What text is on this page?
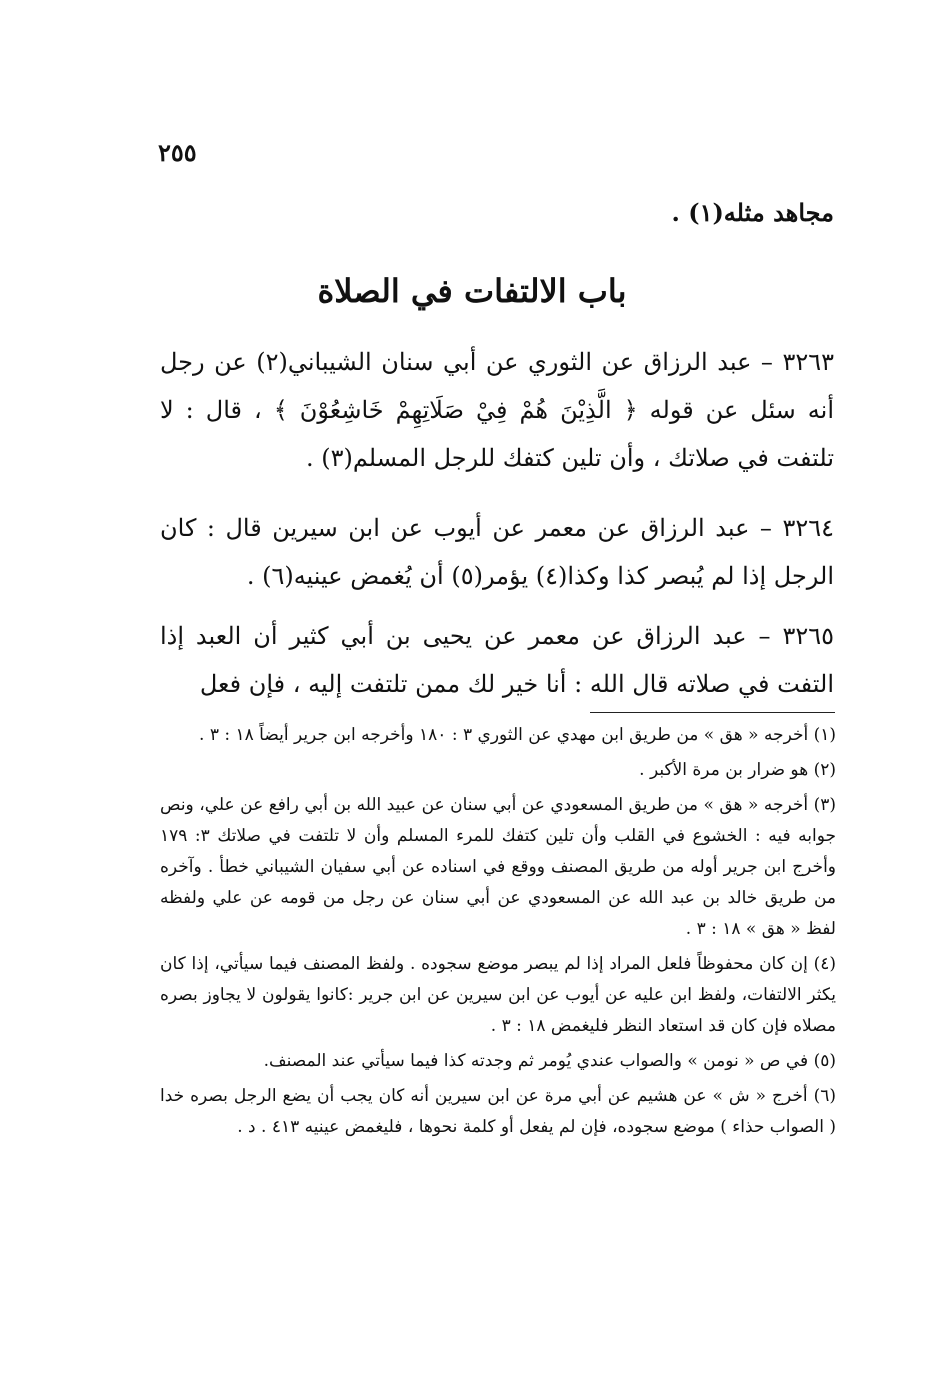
٢٥٥
مجاهد مثله(١) .
باب الالتفات في الصلاة
٣٢٦٣ – عبد الرزاق عن الثوري عن أبي سنان الشيباني(٢) عن رجل أنه سئل عن قوله ﴿ الَّذِيْنَ هُمْ فِيْ صَلَاتِهِمْ خَاشِعُوْنَ ﴾ ، قال : لا تلتفت في صلاتك ، وأن تلين كتفك للرجل المسلم(٣) .
٣٢٦٤ – عبد الرزاق عن معمر عن أيوب عن ابن سيرين قال : كان الرجل إذا لم يُبصر كذا وكذا(٤) يؤمر(٥) أن يُغمض عينيه(٦) .
٣٢٦٥ – عبد الرزاق عن معمر عن يحيى بن أبي كثير أن العبد إذا التفت في صلاته قال الله : أنا خير لك ممن تلتفت إليه ، فإن فعل

(١) أخرجه « هق » من طريق ابن مهدي عن الثوري ٣ : ١٨٠ وأخرجه ابن جرير أيضاً ١٨ : ٣ .

(٢) هو ضرار بن مرة الأكبر .

(٣) أخرجه « هق » من طريق المسعودي عن أبي سنان عن عبيد الله بن أبي رافع عن علي، ونص جوابه فيه : الخشوع في القلب وأن تلين كتفك للمرء المسلم وأن لا تلتفت في صلاتك ٣: ١٧٩ وأخرج ابن جرير أوله من طريق المصنف ووقع في اسناده عن أبي سفيان الشيباني خطأ . وآخره من طريق خالد بن عبد الله عن المسعودي عن أبي سنان عن رجل من قومه عن علي ولفظه لفظ « هق » ١٨ : ٣ .

(٤) إن كان محفوظاً فلعل المراد إذا لم يبصر موضع سجوده . ولفظ المصنف فيما سيأتي، إذا كان يكثر الالتفات، ولفظ ابن عليه عن أيوب عن ابن سيرين عن ابن جرير :كانوا يقولون لا يجاوز بصره مصلاه فإن كان قد استعاد النظر فليغمض ١٨ : ٣ .

(٥) في ص « نومن » والصواب عندي يُومر ثم وجدته كذا فيما سيأتي عند المصنف.

(٦) أخرج « ش » عن هشيم عن أبي مرة عن ابن سيرين أنه كان يجب أن يضع الرجل بصره خدا ( الصواب حذاء ) موضع سجوده، فإن لم يفعل أو كلمة نحوها ، فليغمض عينيه ٤١٣ . د .
